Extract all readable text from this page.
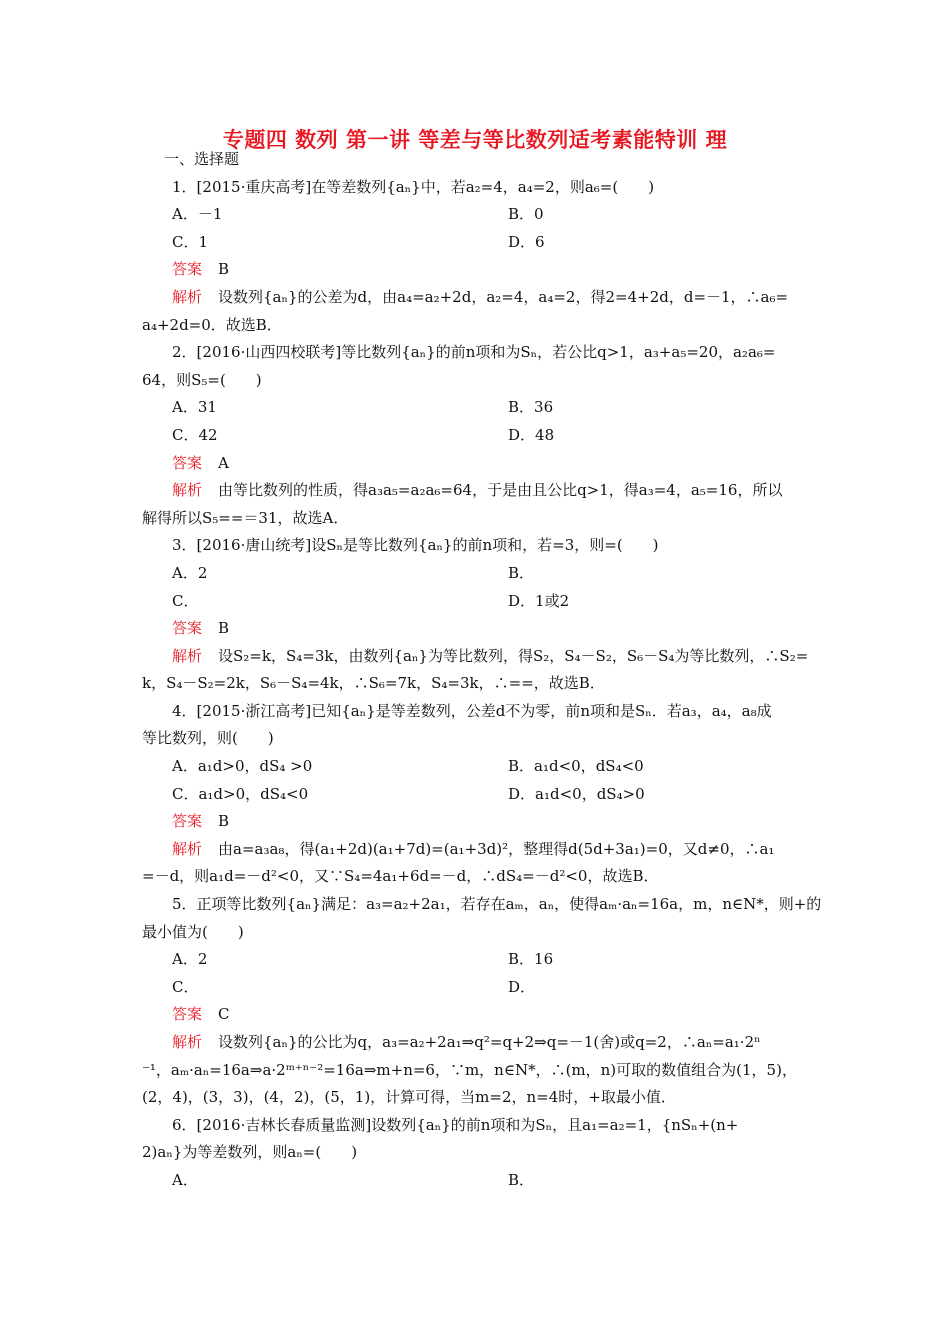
专题四 数列 第一讲 等差与等比数列适考素能特训 理
一、选择题
1．[2015·重庆高考]在等差数列{aₙ}中，若a₂=4，a₄=2，则a₆=(　　)
A．－1	B．0
C．1	D．6
答案 B
解析 设数列{aₙ}的公差为d，由a₄=a₂+2d，a₂=4，a₄=2，得2=4+2d，d=－1，∴a₆=
a₄+2d=0．故选B．
2．[2016·山西四校联考]等比数列{aₙ}的前n项和为Sₙ，若公比q>1，a₃+a₅=20，a₂a₆=
64，则S₅=(　　)
A．31	B．36
C．42	D．48
答案 A
解析 由等比数列的性质，得a₃a₅=a₂a₆=64，于是由且公比q>1，得a₃=4，a₅=16，所以
解得所以S₅==＝31，故选A．
3．[2016·唐山统考]设Sₙ是等比数列{aₙ}的前n项和，若=3，则=(　　)
A．2	B．
C．	D．1或2
答案 B
解析 设S₂=k，S₄=3k，由数列{aₙ}为等比数列，得S₂，S₄－S₂，S₆－S₄为等比数列，∴S₂=
k，S₄－S₂=2k，S₆－S₄=4k，∴S₆=7k，S₄=3k，∴==，故选B．
4．[2015·浙江高考]已知{aₙ}是等差数列，公差d不为零，前n项和是Sₙ．若a₃，a₄，a₈成
等比数列，则(　　)
A．a₁d>0，dS₄ >0	B．a₁d<0，dS₄<0
C．a₁d>0，dS₄<0	D．a₁d<0，dS₄>0
答案 B
解析 由a=a₃a₈，得(a₁+2d)(a₁+7d)=(a₁+3d)²，整理得d(5d+3a₁)=0，又d≠0，∴a₁
=－d，则a₁d=－d²<0，又∵S₄=4a₁+6d=－d，∴dS₄=－d²<0，故选B．
5．正项等比数列{aₙ}满足：a₃=a₂+2a₁，若存在aₘ，aₙ，使得aₘ·aₙ=16a，m，n∈N*，则+的
最小值为(　　)
A．2	B．16
C．	D．
答案 C
解析 设数列{aₙ}的公比为q，a₃=a₂+2a₁⇒q²=q+2⇒q=－1(舍)或q=2，∴aₙ=a₁·2ⁿ
⁻¹，aₘ·aₙ=16a⇒a·2ᵐ⁺ⁿ⁻²=16a⇒m+n=6，∵m，n∈N*，∴(m，n)可取的数值组合为(1，5)，
(2，4)，(3，3)，(4，2)，(5，1)，计算可得，当m=2，n=4时，+取最小值．
6．[2016·吉林长春质量监测]设数列{aₙ}的前n项和为Sₙ，且a₁=a₂=1，{nSₙ+(n+
2)aₙ}为等差数列，则aₙ=(　　)
A．	B．
